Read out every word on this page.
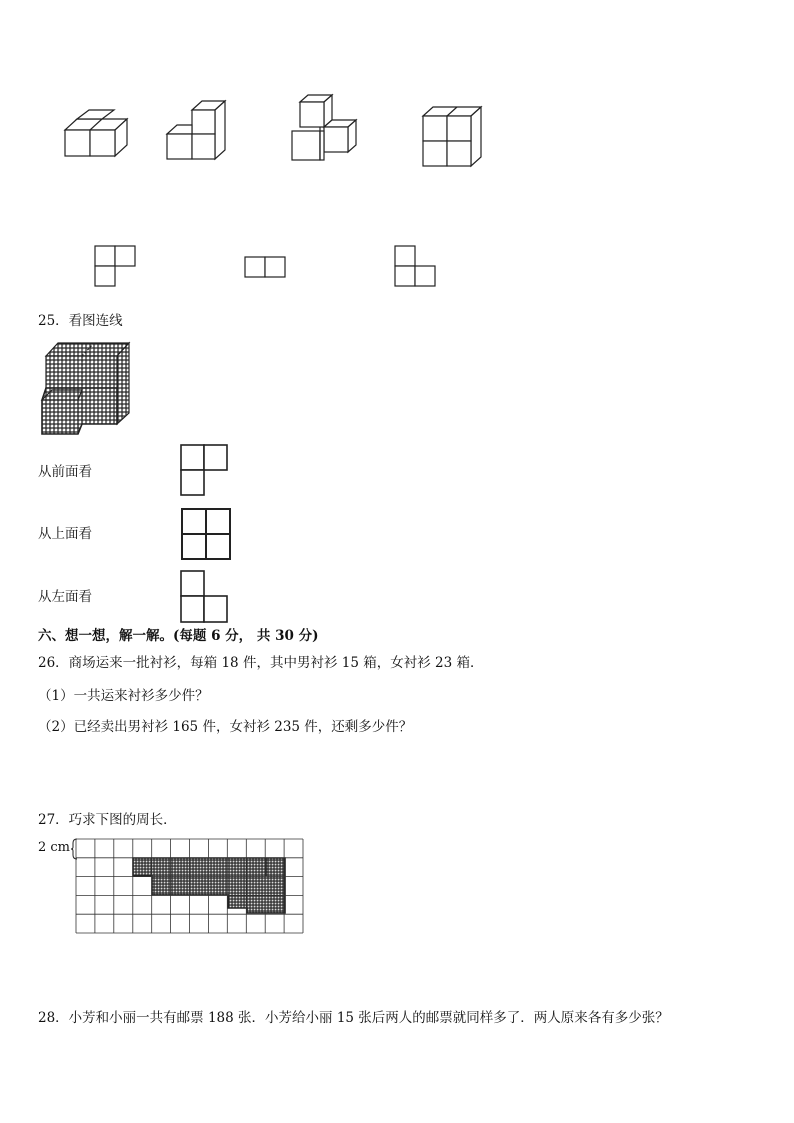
25．看图连线
从前面看
从上面看
从左面看
六、想一想，解一解。(每题 6 分， 共 30 分)
26．商场运来一批衬衫，每箱 18 件，其中男衬衫 15 箱，女衬衫 23 箱．
（1）一共运来衬衫多少件？
（2）已经卖出男衬衫 165 件，女衬衫 235 件，还剩多少件？
27．巧求下图的周长．
2 cm
28．小芳和小丽一共有邮票 188 张．小芳给小丽 15 张后两人的邮票就同样多了．两人原来各有多少张？
